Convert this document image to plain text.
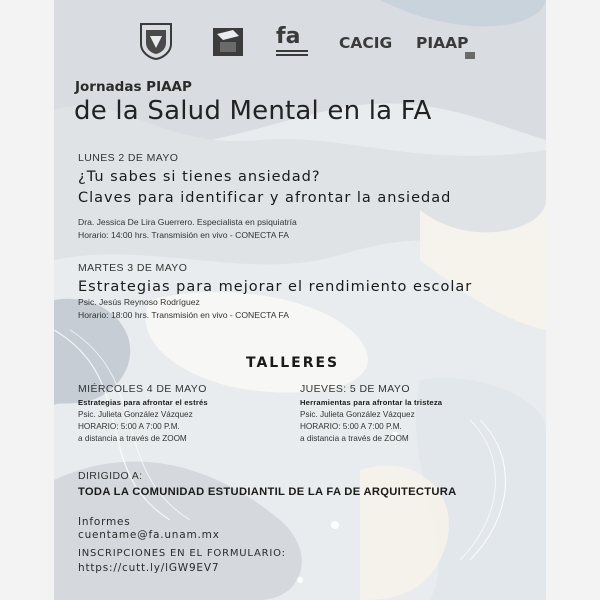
fa	CACIG PIAAP
Jornadas PIAAP
de la Salud Mental en la FA
LUNES 2 DE MAYO
¿Tu sabes si tienes ansiedad?
Claves para identificar y afrontar la ansiedad
Dra. Jessica De Lira Guerrero. Especialista en psiquiatría
Horario: 14:00 hrs. Transmisión en vivo - CONECTA FA
MARTES 3 DE MAYO
Estrategias para mejorar el rendimiento escolar
Psic. Jesús Reynoso Rodríguez
Horario: 18:00 hrs. Transmisión en vivo - CONECTA FA
TALLERES
MIÉRCOLES 4 DE MAYO
Estrategias para afrontar el estrés
Psic. Julieta González Vázquez
HORARIO: 5:00 A 7:00 P.M.
a distancia a través de ZOOM
JUEVES: 5 DE MAYO
Herramientas para afrontar la tristeza
Psic. Julieta González Vázquez
HORARIO: 5:00 A 7:00 P.M.
a distancia a través de ZOOM
DIRIGIDO A:
TODA LA COMUNIDAD ESTUDIANTIL DE LA FA DE ARQUITECTURA
Informes
cuentame@fa.unam.mx
INSCRIPCIONES EN EL FORMULARIO:
https://cutt.ly/lGW9EV7
